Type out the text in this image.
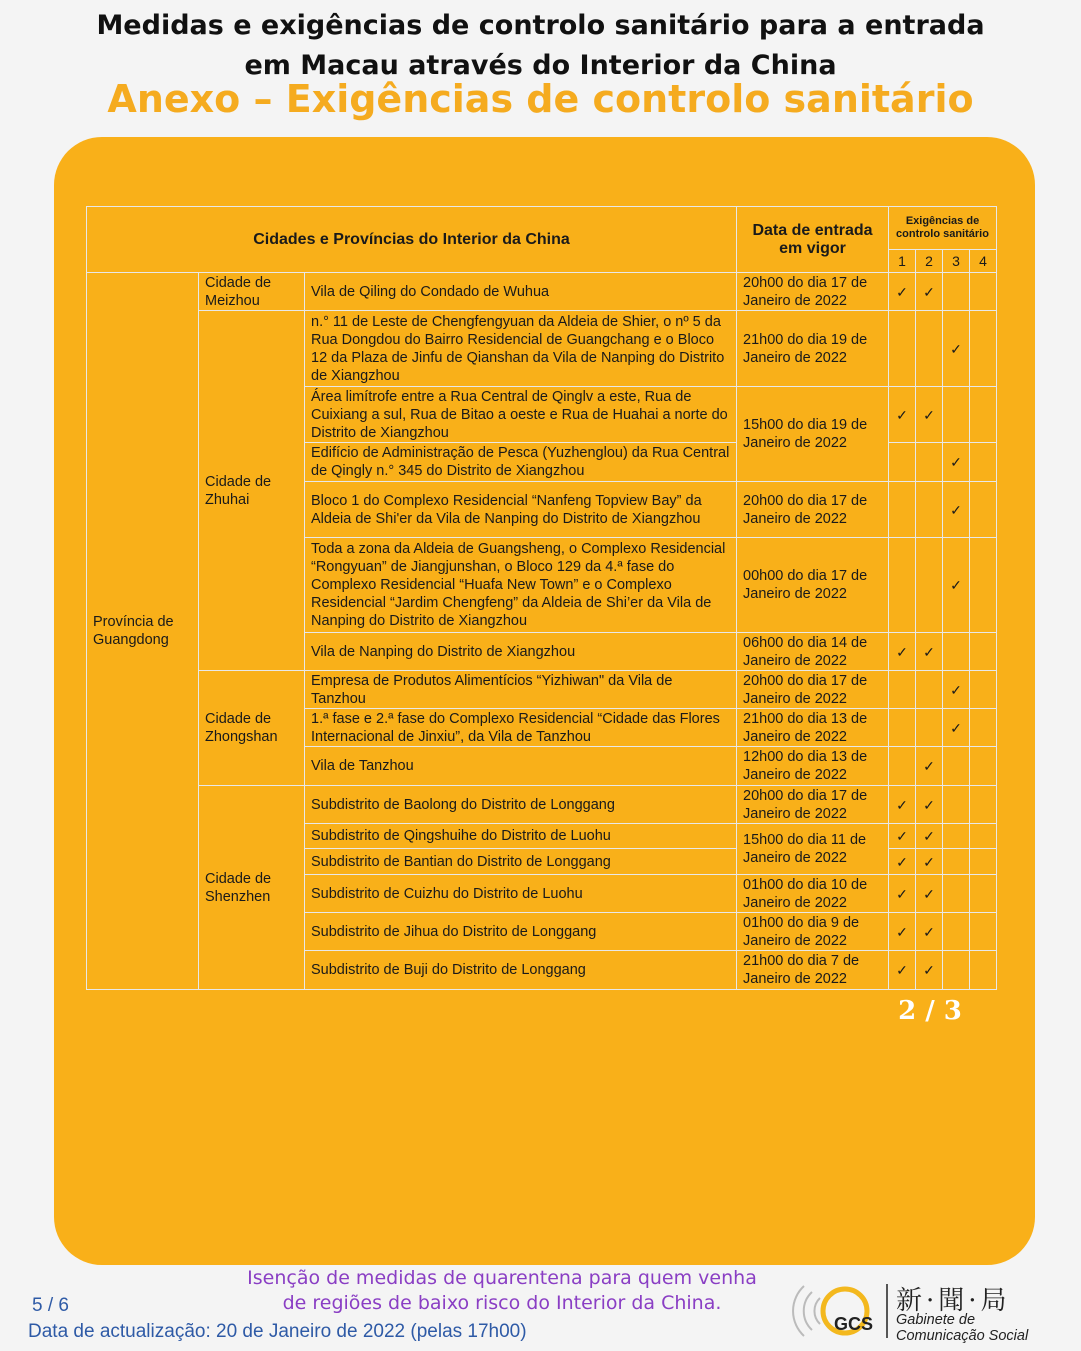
Medidas e exigências de controlo sanitário para a entrada
em Macau através do Interior da China
Anexo – Exigências de controlo sanitário
Cidades e Províncias do Interior da China			Data de entrada em vigor	Exigências de controlo sanitário			
				1	2	3	4
Província de Guangdong	Cidade de Meizhou	Vila de Qiling do Condado de Wuhua	20h00 do dia 17 de Janeiro de 2022	✓	✓		
	Cidade de Zhuhai	n.° 11 de Leste de Chengfengyuan da Aldeia de Shier, o nº 5 da Rua Dongdou do Bairro Residencial de Guangchang e o Bloco 12 da Plaza de Jinfu de Qianshan da Vila de Nanping do Distrito de Xiangzhou	21h00 do dia 19 de Janeiro de 2022			✓	
		Área limítrofe entre a Rua Central de Qinglv a este, Rua de Cuixiang a sul, Rua de Bitao a oeste e Rua de Huahai a norte do Distrito de Xiangzhou	15h00 do dia 19 de Janeiro de 2022	✓	✓		
		Edifício de Administração de Pesca (Yuzhenglou) da Rua Central de Qingly n.° 345 do Distrito de Xiangzhou				✓	
		Bloco 1 do Complexo Residencial “Nanfeng Topview Bay” da Aldeia de Shi'er da Vila de Nanping do Distrito de Xiangzhou	20h00 do dia 17 de Janeiro de 2022			✓	
		Toda a zona da Aldeia de Guangsheng, o Complexo Residencial “Rongyuan” de Jiangjunshan, o Bloco 129 da 4.ª fase do Complexo Residencial “Huafa New Town” e o Complexo Residencial “Jardim Chengfeng” da Aldeia de Shi’er da Vila de Nanping do Distrito de Xiangzhou	00h00 do dia 17 de Janeiro de 2022			✓	
		Vila de Nanping do Distrito de Xiangzhou	06h00 do dia 14 de Janeiro de 2022	✓	✓		
	Cidade de Zhongshan	Empresa de Produtos Alimentícios “Yizhiwan" da Vila de Tanzhou	20h00 do dia 17 de Janeiro de 2022			✓	
		1.ª fase e 2.ª fase do Complexo Residencial “Cidade das Flores Internacional de Jinxiu”, da Vila de Tanzhou	21h00 do dia 13 de Janeiro de 2022			✓	
		Vila de Tanzhou	12h00 do dia 13 de Janeiro de 2022		✓		
	Cidade de Shenzhen	Subdistrito de Baolong do Distrito de Longgang	20h00 do dia 17 de Janeiro de 2022	✓	✓		
		Subdistrito de Qingshuihe do Distrito de Luohu	15h00 do dia 11 de Janeiro de 2022	✓	✓		
		Subdistrito de Bantian do Distrito de Longgang		✓	✓		
		Subdistrito de Cuizhu do Distrito de Luohu	01h00 do dia 10 de Janeiro de 2022	✓	✓		
		Subdistrito de Jihua do Distrito de Longgang	01h00 do dia 9 de Janeiro de 2022	✓	✓		
		Subdistrito de Buji do Distrito de Longgang	21h00 do dia 7 de Janeiro de 2022	✓	✓		
2 / 3
5 / 6
Data de actualização: 20 de Janeiro de 2022 (pelas 17h00)
Isenção de medidas de quarentena para quem venha
de regiões de baixo risco do Interior da China.
GCS
新·聞·局
Gabinete de
Comunicação Social
